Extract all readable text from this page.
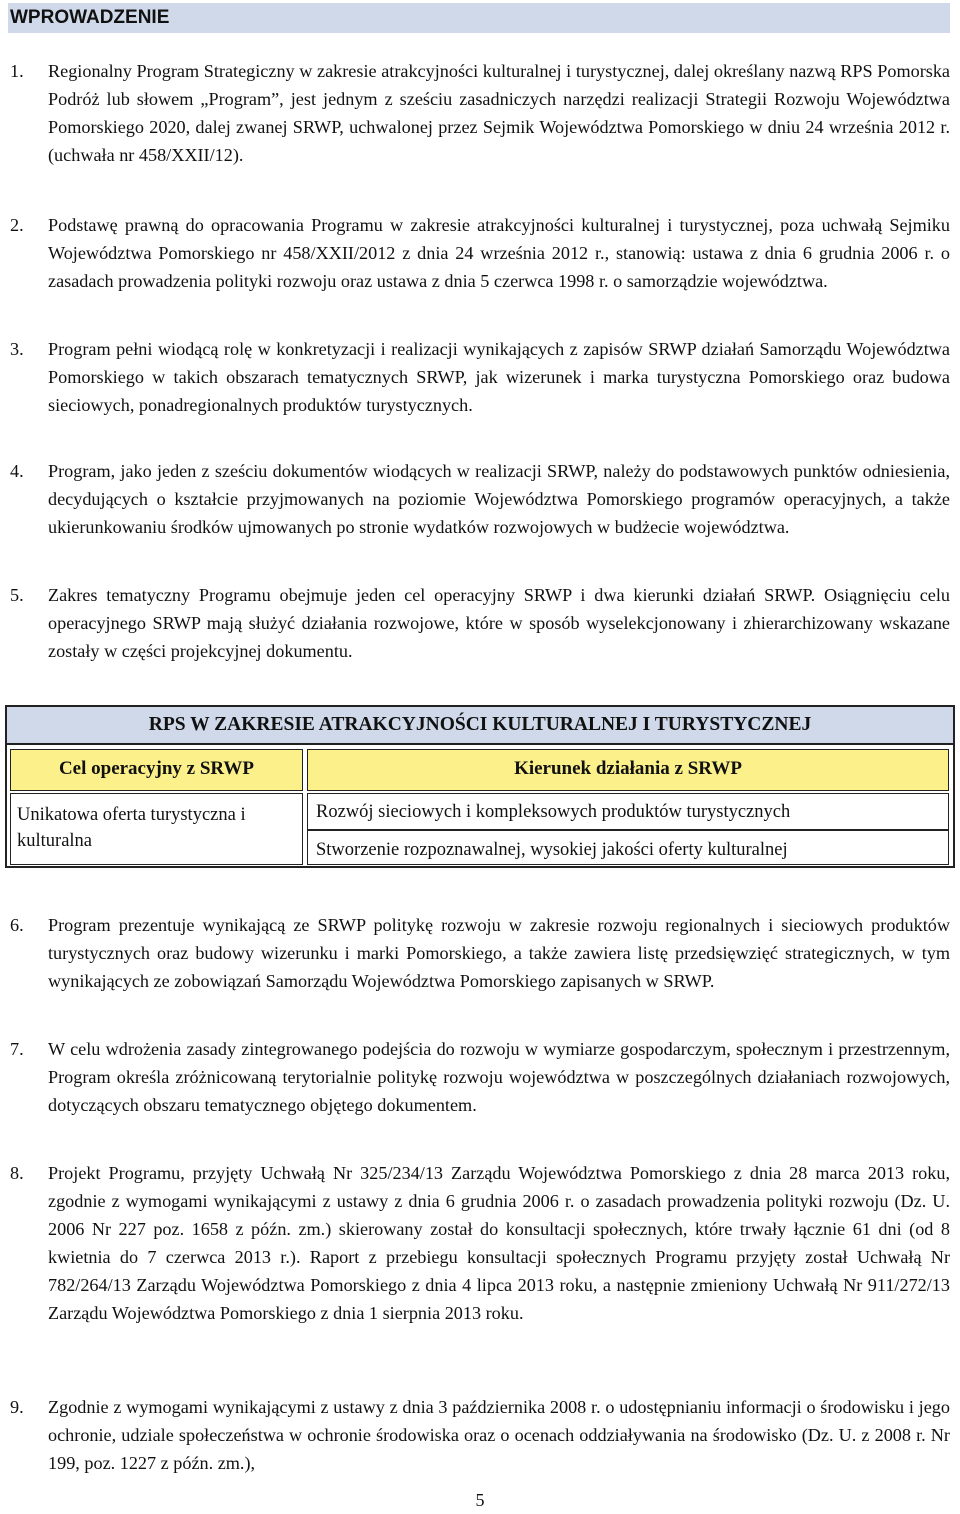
WPROWADZENIE
1. Regionalny Program Strategiczny w zakresie atrakcyjności kulturalnej i turystycznej, dalej określany nazwą RPS Pomorska Podróż lub słowem „Program”, jest jednym z sześciu zasadniczych narzędzi realizacji Strategii Rozwoju Województwa Pomorskiego 2020, dalej zwanej SRWP, uchwalonej przez Sejmik Województwa Pomorskiego w dniu 24 września 2012 r. (uchwała nr 458/XXII/12).
2. Podstawę prawną do opracowania Programu w zakresie atrakcyjności kulturalnej i turystycznej, poza uchwałą Sejmiku Województwa Pomorskiego nr 458/XXII/2012 z dnia 24 września 2012 r., stanowią: ustawa z dnia 6 grudnia 2006 r. o zasadach prowadzenia polityki rozwoju oraz ustawa z dnia 5 czerwca 1998 r. o samorządzie województwa.
3. Program pełni wiodącą rolę w konkretyzacji i realizacji wynikających z zapisów SRWP działań Samorządu Województwa Pomorskiego w takich obszarach tematycznych SRWP, jak wizerunek i marka turystyczna Pomorskiego oraz budowa sieciowych, ponadregionalnych produktów turystycznych.
4. Program, jako jeden z sześciu dokumentów wiodących w realizacji SRWP, należy do podstawowych punktów odniesienia, decydujących o kształcie przyjmowanych na poziomie Województwa Pomorskiego programów operacyjnych, a także ukierunkowaniu środków ujmowanych po stronie wydatków rozwojowych w budżecie województwa.
5. Zakres tematyczny Programu obejmuje jeden cel operacyjny SRWP i dwa kierunki działań SRWP. Osiągnięciu celu operacyjnego SRWP mają służyć działania rozwojowe, które w sposób wyselekcjonowany i zhierarchizowany wskazane zostały w części projekcyjnej dokumentu.
RPS W ZAKRESIE ATRAKCYJNOŚCI KULTURALNEJ I TURYSTYCZNEJ
Cel operacyjny z SRWP	Kierunek działania z SRWP
Unikatowa oferta turystyczna i kulturalna
Rozwój sieciowych i kompleksowych produktów turystycznych
Stworzenie rozpoznawalnej, wysokiej jakości oferty kulturalnej
6. Program prezentuje wynikającą ze SRWP politykę rozwoju w zakresie rozwoju regionalnych i sieciowych produktów turystycznych oraz budowy wizerunku i marki Pomorskiego, a także zawiera listę przedsięwzięć strategicznych, w tym wynikających ze zobowiązań Samorządu Województwa Pomorskiego zapisanych w SRWP.
7. W celu wdrożenia zasady zintegrowanego podejścia do rozwoju w wymiarze gospodarczym, społecznym i przestrzennym, Program określa zróżnicowaną terytorialnie politykę rozwoju województwa w poszczególnych działaniach rozwojowych, dotyczących obszaru tematycznego objętego dokumentem.
8. Projekt Programu, przyjęty Uchwałą Nr 325/234/13 Zarządu Województwa Pomorskiego z dnia 28 marca 2013 roku, zgodnie z wymogami wynikającymi z ustawy z dnia 6 grudnia 2006 r. o zasadach prowadzenia polityki rozwoju (Dz. U. 2006 Nr 227 poz. 1658 z późn. zm.) skierowany został do konsultacji społecznych, które trwały łącznie 61 dni (od 8 kwietnia do 7 czerwca 2013 r.). Raport z przebiegu konsultacji społecznych Programu przyjęty został Uchwałą Nr 782/264/13 Zarządu Województwa Pomorskiego z dnia 4 lipca 2013 roku, a następnie zmieniony Uchwałą Nr 911/272/13 Zarządu Województwa Pomorskiego z dnia 1 sierpnia 2013 roku.
9. Zgodnie z wymogami wynikającymi z ustawy z dnia 3 października 2008 r. o udostępnianiu informacji o środowisku i jego ochronie, udziale społeczeństwa w ochronie środowiska oraz o ocenach oddziaływania na środowisko (Dz. U. z 2008 r. Nr 199, poz. 1227 z późn. zm.),
5
